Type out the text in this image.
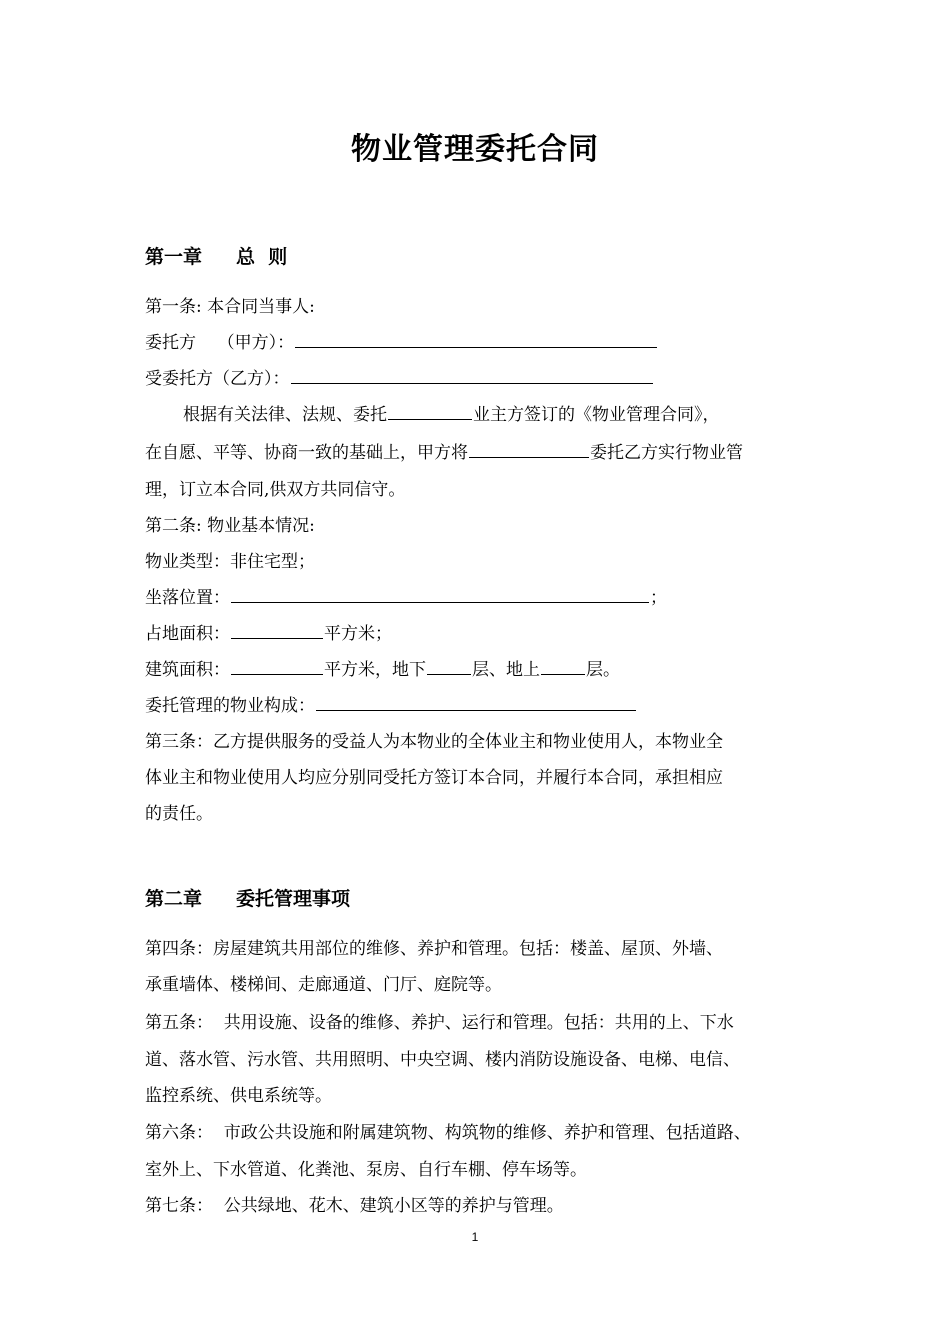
物业管理委托合同
第一章 总  则
第一条: 本合同当事人:
委托方    （甲方）：
受委托方（乙方）：
根据有关法律、法规、委托	业主方签订的《物业管理合同》，
在自愿、平等、协商一致的基础上，甲方将	委托乙方实行物业管
理，订立本合同,供双方共同信守。
第二条: 物业基本情况:
物业类型：非住宅型；
坐落位置：	；
占地面积：	平方米；
建筑面积：	平方米，地下	层、地上	层。
委托管理的物业构成：
第三条：乙方提供服务的受益人为本物业的全体业主和物业使用人，本物业全
体业主和物业使用人均应分别同受托方签订本合同，并履行本合同，承担相应
的责任。
第二章 委托管理事项
第四条：房屋建筑共用部位的维修、养护和管理。包括：楼盖、屋顶、外墙、
承重墙体、楼梯间、走廊通道、门厅、庭院等。
第五条：  共用设施、设备的维修、养护、运行和管理。包括：共用的上、下水
道、落水管、污水管、共用照明、中央空调、楼内消防设施设备、电梯、电信、
监控系统、供电系统等。
第六条：  市政公共设施和附属建筑物、构筑物的维修、养护和管理、包括道路、
室外上、下水管道、化粪池、泵房、自行车棚、停车场等。
第七条：  公共绿地、花木、建筑小区等的养护与管理。
1
